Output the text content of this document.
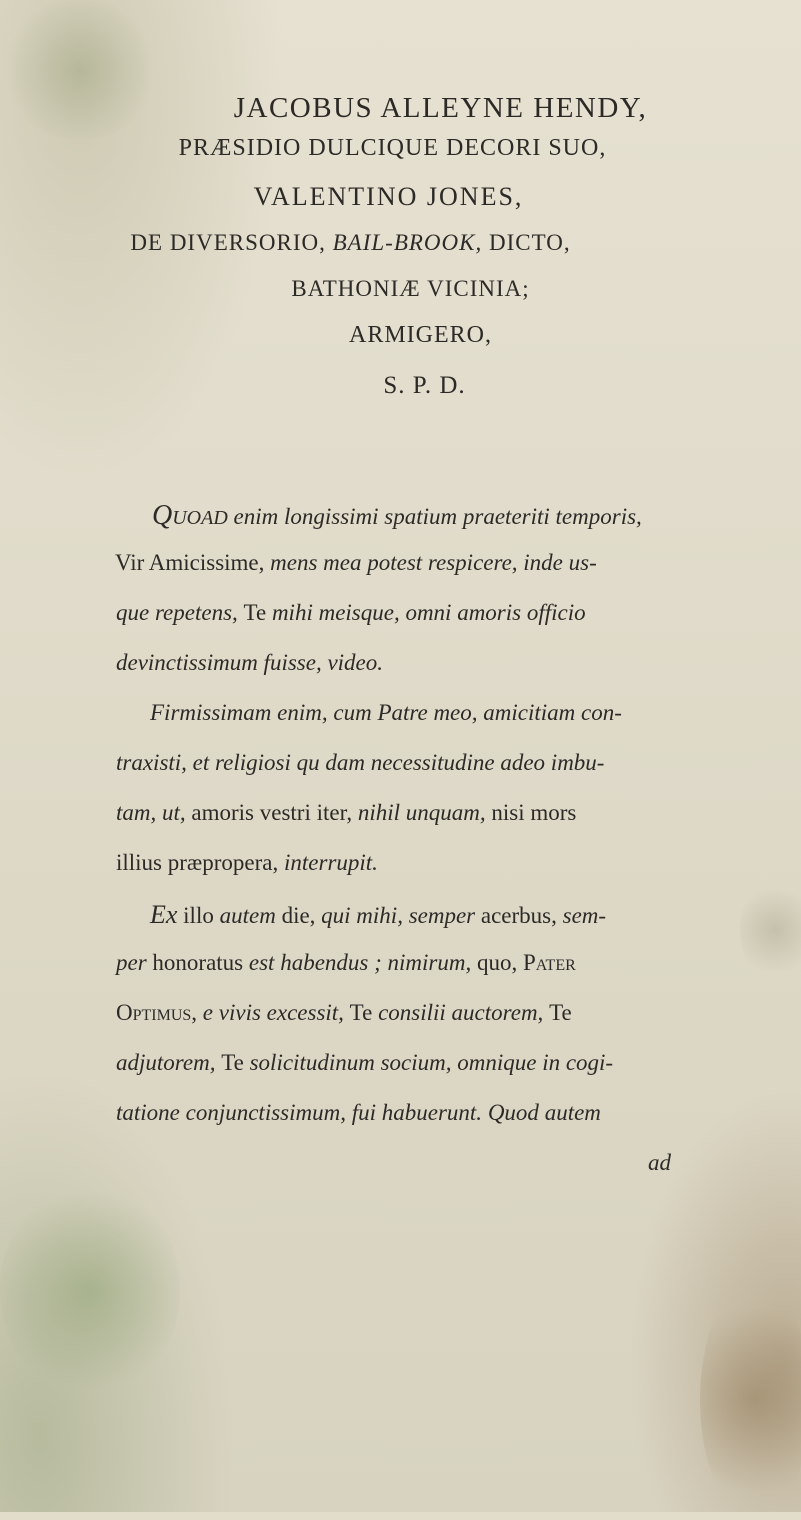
JACOBUS ALLEYNE HENDY,
PRÆSIDIO DULCIQUE DECORI SUO,
VALENTINO JONES,
DE DIVERSORIO, BAIL-BROOK, DICTO,
BATHONIÆ VICINIA;
ARMIGERO,
S. P. D.
Quoad enim longissimi spatium praeteriti temporis,
Vir Amicissime, mens mea potest respicere, inde us-
que repetens, Te mihi meisque, omni amoris officio
devinctissimum fuisse, video.
Firmissimam enim, cum Patre meo, amicitiam con-
traxisti, et religiosi qu dam necessitudine adeo imbu-
tam, ut, amoris vestri iter, nihil unquam, nisi mors
illius præpropera, interrupit.
Ex illo autem die, qui mihi, semper acerbus, sem-
per honoratus est habendus ; nimirum, quo, Pater
Optimus, e vivis excessit, Te consilii auctorem, Te
adjutorem, Te solicitudinum socium, omnique in cogi-
tatione conjunctissimum, fui habuerunt. Quod autem
ad
